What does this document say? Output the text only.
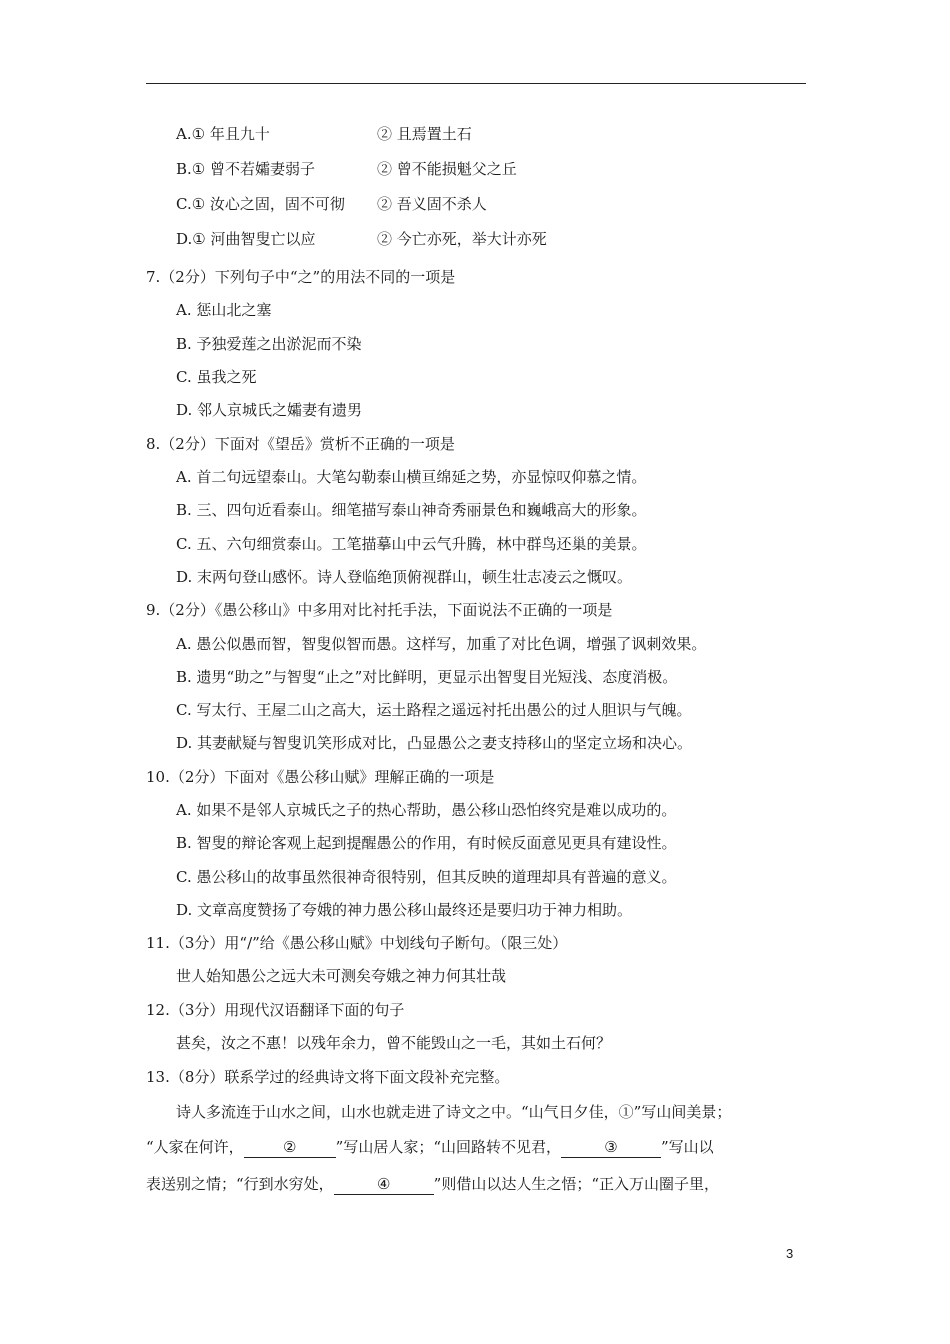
A.① 年且九十	② 且焉置土石
B.① 曾不若孀妻弱子	② 曾不能损魁父之丘
C.① 汝心之固，固不可彻 ② 吾义固不杀人
D.① 河曲智叟亡以应	② 今亡亦死，举大计亦死
7.（2分）下列句子中“之”的用法不同的一项是
A. 惩山北之塞
B. 予独爱莲之出淤泥而不染
C. 虽我之死
D. 邻人京城氏之孀妻有遗男
8.（2分）下面对《望岳》赏析不正确的一项是
A. 首二句远望泰山。大笔勾勒泰山横亘绵延之势，亦显惊叹仰慕之情。
B. 三、四句近看泰山。细笔描写泰山神奇秀丽景色和巍峨高大的形象。
C. 五、六句细赏泰山。工笔描摹山中云气升腾，林中群鸟还巢的美景。
D. 末两句登山感怀。诗人登临绝顶俯视群山，顿生壮志凌云之慨叹。
9.（2分）《愚公移山》中多用对比衬托手法，下面说法不正确的一项是
A. 愚公似愚而智，智叟似智而愚。这样写，加重了对比色调，增强了讽刺效果。
B. 遗男“助之”与智叟“止之”对比鲜明，更显示出智叟目光短浅、态度消极。
C. 写太行、王屋二山之高大，运土路程之遥远衬托出愚公的过人胆识与气魄。
D. 其妻献疑与智叟讥笑形成对比，凸显愚公之妻支持移山的坚定立场和决心。
10.（2分）下面对《愚公移山赋》理解正确的一项是
A. 如果不是邻人京城氏之子的热心帮助，愚公移山恐怕终究是难以成功的。
B. 智叟的辩论客观上起到提醒愚公的作用，有时候反面意见更具有建设性。
C. 愚公移山的故事虽然很神奇很特别，但其反映的道理却具有普遍的意义。
D. 文章高度赞扬了夸娥的神力愚公移山最终还是要归功于神力相助。
11.（3分）用“/”给《愚公移山赋》中划线句子断句。（限三处）
世人始知愚公之远大未可测矣夸娥之神力何其壮哉
12.（3分）用现代汉语翻译下面的句子
甚矣，汝之不惠！以残年余力，曾不能毁山之一毛，其如土石何？
13.（8分）联系学过的经典诗文将下面文段补充完整。
诗人多流连于山水之间，山水也就走进了诗文之中。“山气日夕佳，①”写山间美景；
“人家在何许，	②	”写山居人家；“山回路转不见君，	③	”写山以
表送别之情；“行到水穷处，	④	”则借山以达人生之悟；“正入万山圈子里，
3
